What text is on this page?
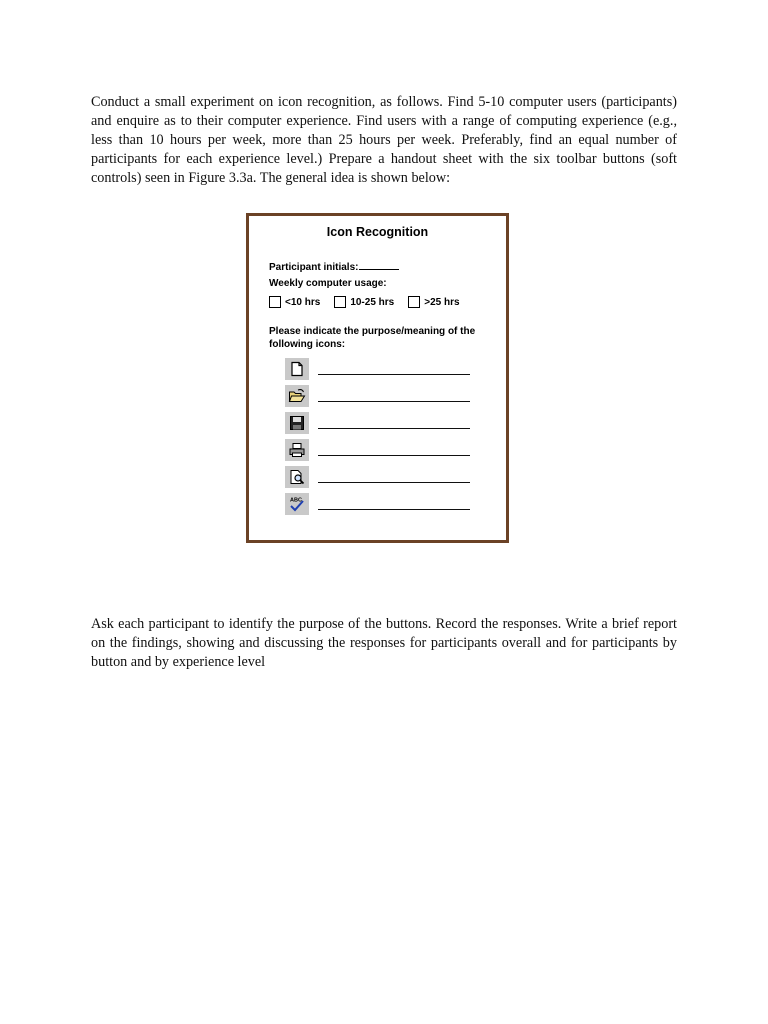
Conduct a small experiment on icon recognition, as follows. Find 5-10 computer users (participants) and enquire as to their computer experience. Find users with a range of computing experience (e.g., less than 10 hours per week, more than 25 hours per week. Preferably, find an equal number of participants for each experience level.) Prepare a handout sheet with the six toolbar buttons (soft controls) seen in Figure 3.3a. The general idea is shown below:

Icon Recognition
Participant initials:
Weekly computer usage:
<10 hrs	10-25 hrs	>25 hrs
Please indicate the purpose/meaning of the following icons:
ABC

Ask each participant to identify the purpose of the buttons. Record the responses. Write a brief report on the findings, showing and discussing the responses for participants overall and for participants by button and by experience level
